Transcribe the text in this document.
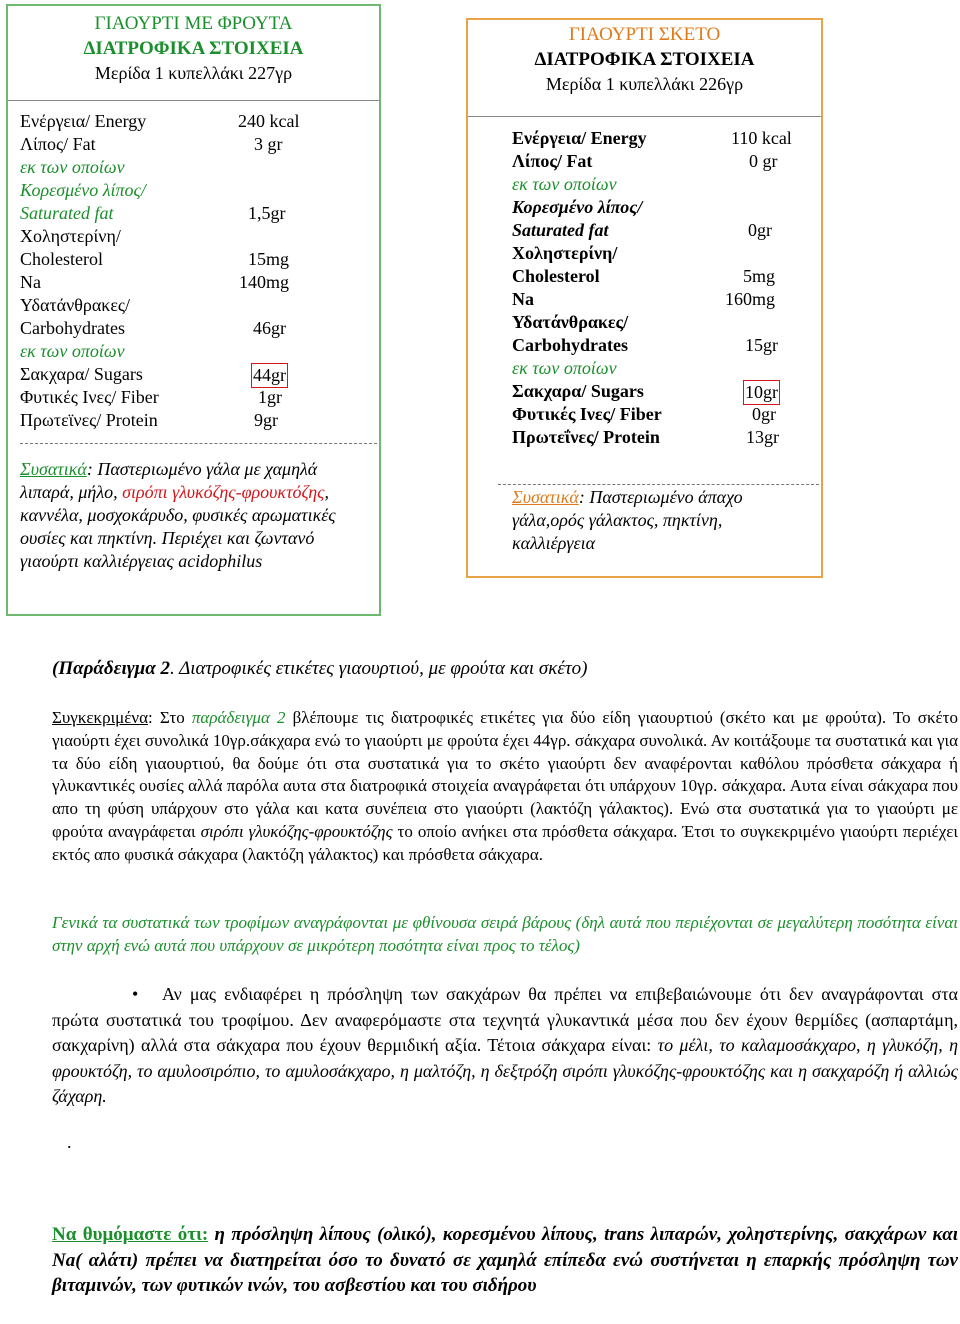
ΓΙΑΟΥΡΤΙ ΜΕ ΦΡΟΥΤΑ
ΔΙΑΤΡΟΦΙΚΑ ΣΤΟΙΧΕΙΑ
Μερίδα 1 κυπελλάκι 227γρ
Ενέργεια/ Energy	240 kcal
Λίπος/ Fat	3 gr
εκ των οποίων
Κορεσμένο λίπος/
Saturated fat	1,5gr
Χοληστερίνη/
Cholesterol	15mg
Na	140mg
Υδατάνθρακες/
Carbohydrates	46gr
εκ των οποίων
Σακχαρα/ Sugars	44gr
Φυτικές Ινες/ Fiber	1gr
Πρωτεϊνες/ Protein	9gr
Συσατικά: Παστεριωμένο γάλα με χαμηλά λιπαρά, μήλο, σιρόπι γλυκόζης-φρουκτόζης, καννέλα, μοσχοκάρυδο, φυσικές αρωματικές ουσίες και πηκτίνη. Περιέχει και ζωντανό γιαούρτι καλλιέργειας acidophilus
ΓΙΑΟΥΡΤΙ ΣΚΕΤΟ
ΔΙΑΤΡΟΦΙΚΑ ΣΤΟΙΧΕΙΑ
Μερίδα 1 κυπελλάκι 226γρ
Ενέργεια/ Energy	110 kcal
Λίπος/ Fat	0 gr
εκ των οποίων
Κορεσμένο λίπος/
Saturated fat	0gr
Χοληστερίνη/
Cholesterol	5mg
Na	160mg
Υδατάνθρακες/
Carbohydrates	15gr
εκ των οποίων
Σακχαρα/ Sugars	10gr
Φυτικές Ινες/ Fiber	0gr
Πρωτεΐνες/ Protein	13gr
Συσατικά: Παστεριωμένο άπαχο γάλα,ορός γάλακτος, πηκτίνη, καλλιέργεια
(Παράδειγμα 2. Διατροφικές ετικέτες γιαουρτιού, με φρούτα και σκέτο)
Συγκεκριμένα: Στο παράδειγμα 2 βλέπουμε τις διατροφικές ετικέτες για δύο είδη γιαουρτιού (σκέτο και με φρούτα). Το σκέτο γιαούρτι έχει συνολικά 10γρ.σάκχαρα ενώ το γιαούρτι με φρούτα έχει 44γρ. σάκχαρα συνολικά. Αν κοιτάξουμε τα συστατικά και για τα δύο είδη γιαουρτιού, θα δούμε ότι στα συστατικά για το σκέτο γιαούρτι δεν αναφέρονται καθόλου πρόσθετα σάκχαρα ή γλυκαντικές ουσίες αλλά παρόλα αυτα στα διατροφικά στοιχεία αναγράφεται ότι υπάρχουν 10γρ. σάκχαρα. Αυτα είναι σάκχαρα που απο τη φύση υπάρχουν στο γάλα και κατα συνέπεια στο γιαούρτι (λακτόζη γάλακτος). Ενώ στα συστατικά για το γιαούρτι με φρούτα αναγράφεται σιρόπι γλυκόζης-φρουκτόζης το οποίο ανήκει στα πρόσθετα σάκχαρα. Έτσι το συγκεκριμένο γιαούρτι περιέχει εκτός απο φυσικά σάκχαρα (λακτόζη γάλακτος) και πρόσθετα σάκχαρα.
Γενικά τα συστατικά των τροφίμων αναγράφονται με φθίνουσα σειρά βάρους (δηλ αυτά που περιέχονται σε μεγαλύτερη ποσότητα είναι στην αρχή ενώ αυτά που υπάρχουν σε μικρότερη ποσότητα είναι προς το τέλος)
• Αν μας ενδιαφέρει η πρόσληψη των σακχάρων θα πρέπει να επιβεβαιώνουμε ότι δεν αναγράφονται στα πρώτα συστατικά του τροφίμου. Δεν αναφερόμαστε στα τεχνητά γλυκαντικά μέσα που δεν έχουν θερμίδες (ασπαρτάμη, σακχαρίνη) αλλά στα σάκχαρα που έχουν θερμιδική αξία. Τέτοια σάκχαρα είναι: το μέλι, το καλαμοσάκχαρο, η γλυκόζη, η φρουκτόζη, το αμυλοσιρόπιο, το αμυλοσάκχαρο, η μαλτόζη, η δεξτρόζη σιρόπι γλυκόζης-φρουκτόζης και η σακχαρόζη ή αλλιώς ζάχαρη.
.
Να θυμόμαστε ότι: η πρόσληψη λίπους (ολικό), κορεσμένου λίπους, trans λιπαρών, χοληστερίνης, σακχάρων και Na( αλάτι) πρέπει να διατηρείται όσο το δυνατό σε χαμηλά επίπεδα ενώ συστήνεται η επαρκής πρόσληψη των βιταμινών, των φυτικών ινών, του ασβεστίου και του σιδήρου
